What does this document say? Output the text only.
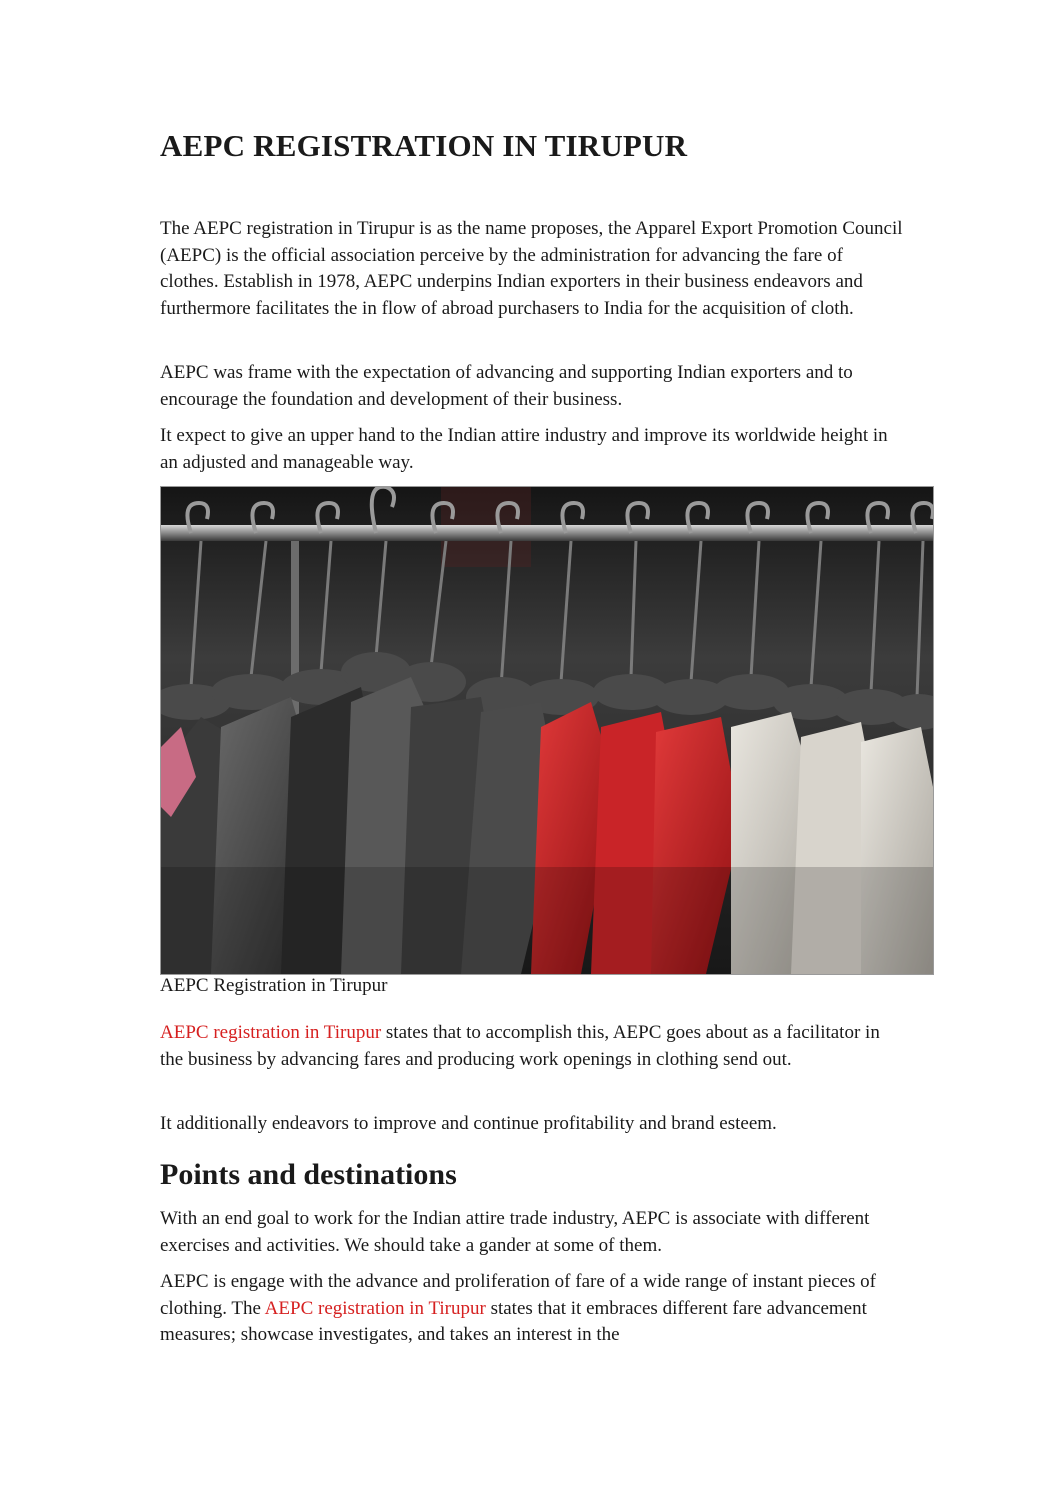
AEPC REGISTRATION IN TIRUPUR

The AEPC registration in Tirupur is as the name proposes, the Apparel Export Promotion Council (AEPC) is the official association perceive by the administration for advancing the fare of clothes. Establish in 1978, AEPC underpins Indian exporters in their business endeavors and furthermore facilitates the in flow of abroad purchasers to India for the acquisition of cloth.

AEPC was frame with the expectation of advancing and supporting Indian exporters and to encourage the foundation and development of their business.

It expect to give an upper hand to the Indian attire industry and improve its worldwide height in an adjusted and manageable way.

AEPC registration in Tirupur states that to accomplish this, AEPC goes about as a facilitator in the business by advancing fares and producing work openings in clothing send out.

It additionally endeavors to improve and continue profitability and brand esteem.

Points and destinations

With an end goal to work for the Indian attire trade industry, AEPC is associate with different exercises and activities. We should take a gander at some of them.

AEPC is engage with the advance and proliferation of fare of a wide range of instant pieces of clothing. The AEPC registration in Tirupur states that it embraces different fare advancement measures; showcase investigates, and takes an interest in the

AEPC Registration in Tirupur
